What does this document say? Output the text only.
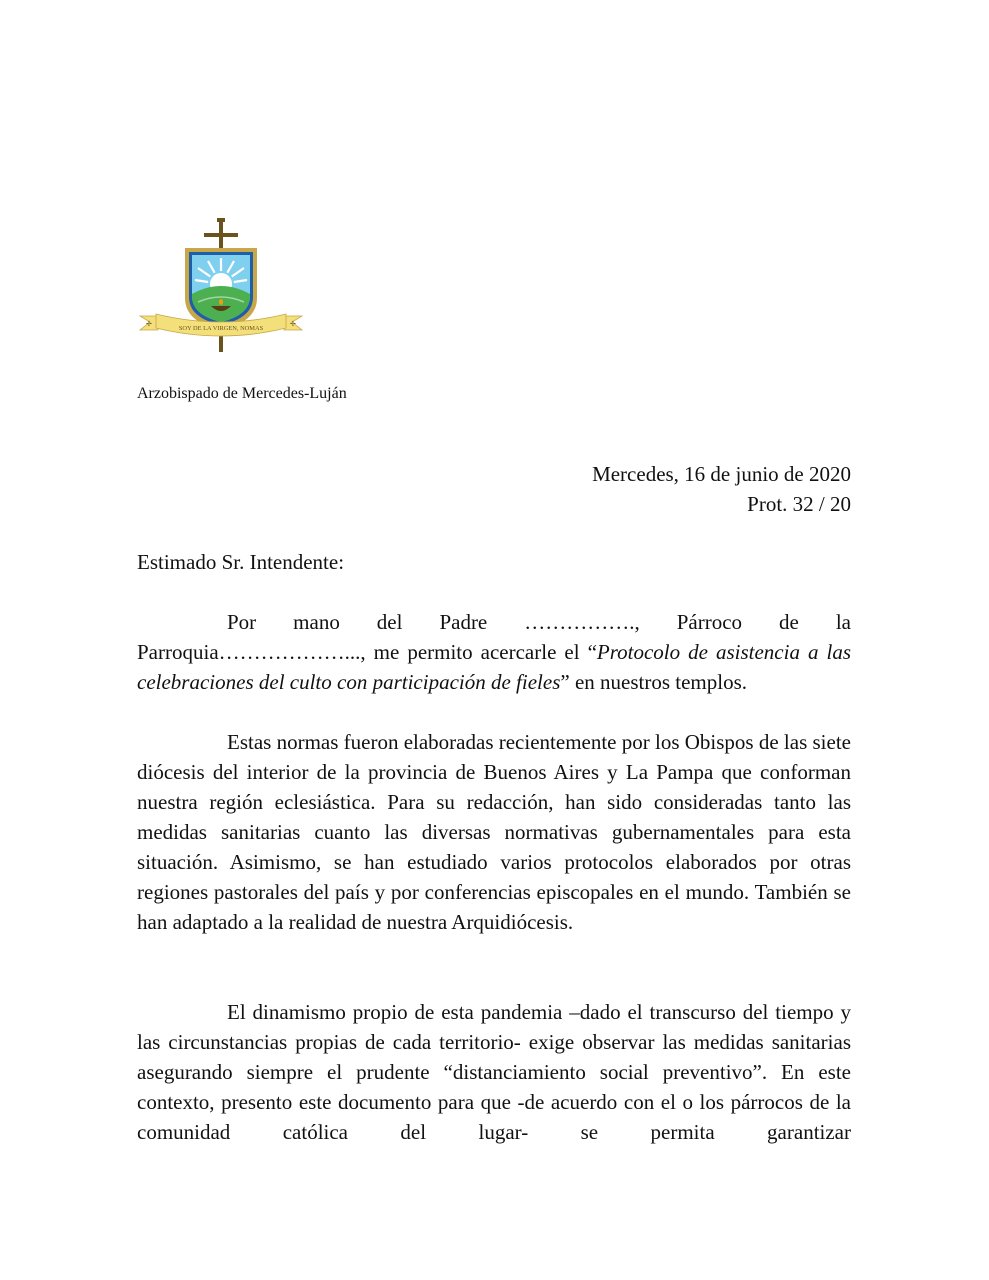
✢	✢
SOY DE LA VIRGEN, NOMAS
Arzobispado de Mercedes-Luján
Mercedes, 16 de junio de 2020
Prot. 32 / 20
Estimado Sr. Intendente:

Por mano del Padre ……………., Párroco de la Parroquia………………..., me permito acercarle el “Protocolo de asistencia a las celebraciones del culto con participación de fieles” en nuestros templos.

Estas normas fueron elaboradas recientemente por los Obispos de las siete diócesis del interior de la provincia de Buenos Aires y La Pampa que conforman nuestra región eclesiástica. Para su redacción, han sido consideradas tanto las medidas sanitarias cuanto las diversas normativas gubernamentales para esta situación. Asimismo, se han estudiado varios protocolos elaborados por otras regiones pastorales del país y por conferencias episcopales en el mundo. También se han adaptado a la realidad de nuestra Arquidiócesis.

El dinamismo propio de esta pandemia –dado el transcurso del tiempo y las circunstancias propias de cada territorio- exige observar las medidas sanitarias asegurando siempre el prudente “distanciamiento social preventivo”. En este contexto, presento este documento para que -de acuerdo con el o los párrocos de la comunidad católica del lugar- se permita garantizar
